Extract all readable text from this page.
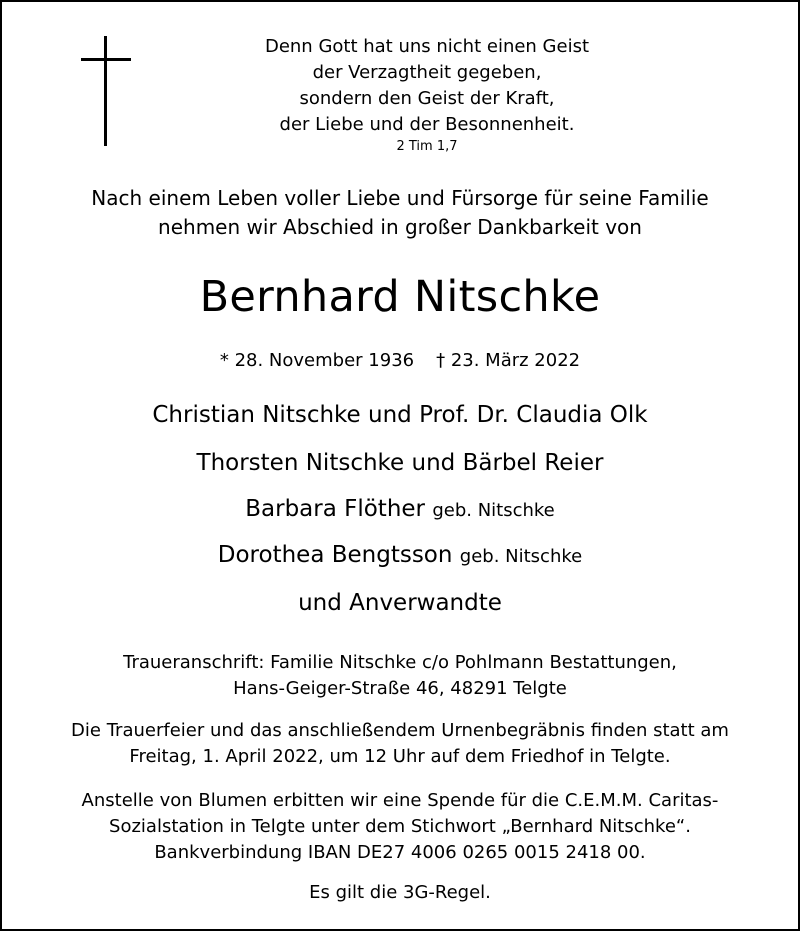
Denn Gott hat uns nicht einen Geist
der Verzagtheit gegeben,
sondern den Geist der Kraft,
der Liebe und der Besonnenheit.
2 Tim 1,7
Nach einem Leben voller Liebe und Fürsorge für seine Familie
nehmen wir Abschied in großer Dankbarkeit von
Bernhard Nitschke
* 28. November 1936 † 23. März 2022
Christian Nitschke und Prof. Dr. Claudia Olk
Thorsten Nitschke und Bärbel Reier
Barbara Flöther geb. Nitschke
Dorothea Bengtsson geb. Nitschke
und Anverwandte
Traueranschrift: Familie Nitschke c/o Pohlmann Bestattungen,
Hans-Geiger-Straße 46, 48291 Telgte
Die Trauerfeier und das anschließendem Urnenbegräbnis finden statt am
Freitag, 1. April 2022, um 12 Uhr auf dem Friedhof in Telgte.
Anstelle von Blumen erbitten wir eine Spende für die C.E.M.M. Caritas-
Sozialstation in Telgte unter dem Stichwort „Bernhard Nitschke“.
Bankverbindung IBAN DE27 4006 0265 0015 2418 00.
Es gilt die 3G-Regel.
